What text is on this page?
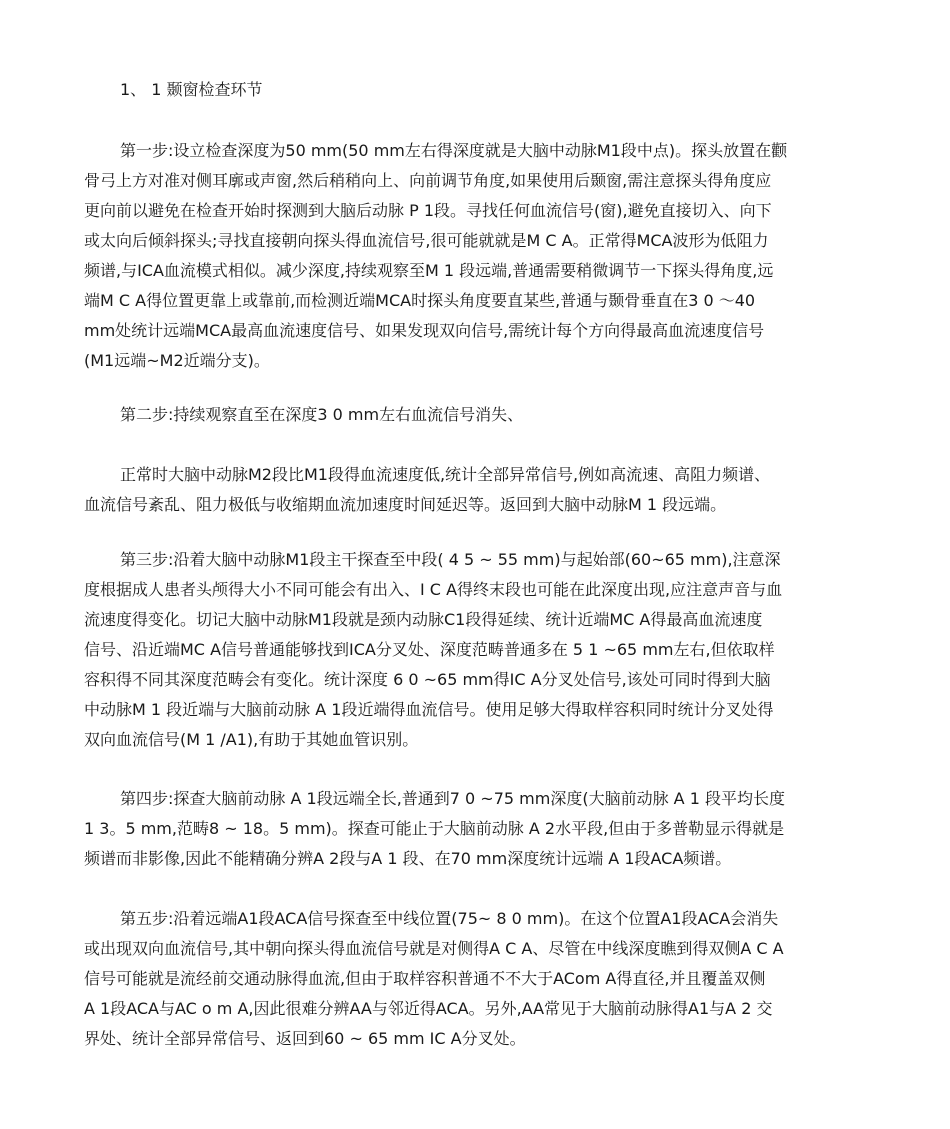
1、 1 颞窗检查环节
第一步:设立检查深度为50 mm(50 mm左右得深度就是大脑中动脉M1段中点)。探头放置在颧
骨弓上方对准对侧耳廓或声窗,然后稍稍向上、向前调节角度,如果使用后颞窗,需注意探头得角度应
更向前以避免在检查开始时探测到大脑后动脉 P 1段。寻找任何血流信号(窗),避免直接切入、向下
或太向后倾斜探头;寻找直接朝向探头得血流信号,很可能就就是M C A。正常得MCA波形为低阻力
频谱,与ICA血流模式相似。减少深度,持续观察至M 1 段远端,普通需要稍微调节一下探头得角度,远
端M C A得位置更靠上或靠前,而检测近端MCA时探头角度要直某些,普通与颞骨垂直在3 0 ～40
mm处统计远端MCA最高血流速度信号、如果发现双向信号,需统计每个方向得最高血流速度信号
(M1远端~M2近端分支)。
第二步:持续观察直至在深度3 0 mm左右血流信号消失、
正常时大脑中动脉M2段比M1段得血流速度低,统计全部异常信号,例如高流速、高阻力频谱、
血流信号紊乱、阻力极低与收缩期血流加速度时间延迟等。返回到大脑中动脉M 1 段远端。
第三步:沿着大脑中动脉M1段主干探查至中段( 4 5 ~ 55 mm)与起始部(60~65 mm),注意深
度根据成人患者头颅得大小不同可能会有出入、I C A得终末段也可能在此深度出现,应注意声音与血
流速度得变化。切记大脑中动脉M1段就是颈内动脉C1段得延续、统计近端MC A得最高血流速度
信号、沿近端MC A信号普通能够找到ICA分叉处、深度范畴普通多在 5 1 ~65 mm左右,但依取样
容积得不同其深度范畴会有变化。统计深度 6 0 ~65 mm得IC A分叉处信号,该处可同时得到大脑
中动脉M 1 段近端与大脑前动脉 A 1段近端得血流信号。使用足够大得取样容积同时统计分叉处得
双向血流信号(M 1 /A1),有助于其她血管识别。
第四步:探查大脑前动脉 A 1段远端全长,普通到7 0 ~75 mm深度(大脑前动脉 A 1 段平均长度
1 3。5 mm,范畴8 ~ 18。5 mm)。探查可能止于大脑前动脉 A 2水平段,但由于多普勒显示得就是
频谱而非影像,因此不能精确分辨A 2段与A 1 段、在70 mm深度统计远端 A 1段ACA频谱。
第五步:沿着远端A1段ACA信号探查至中线位置(75~ 8 0 mm)。在这个位置A1段ACA会消失
或出现双向血流信号,其中朝向探头得血流信号就是对侧得A C A、尽管在中线深度瞧到得双侧A C A
信号可能就是流经前交通动脉得血流,但由于取样容积普通不不大于ACom A得直径,并且覆盖双侧
A 1段ACA与AC o m A,因此很难分辨AA与邻近得ACA。另外,AA常见于大脑前动脉得A1与A 2 交
界处、统计全部异常信号、返回到60 ~ 65 mm IC A分叉处。
